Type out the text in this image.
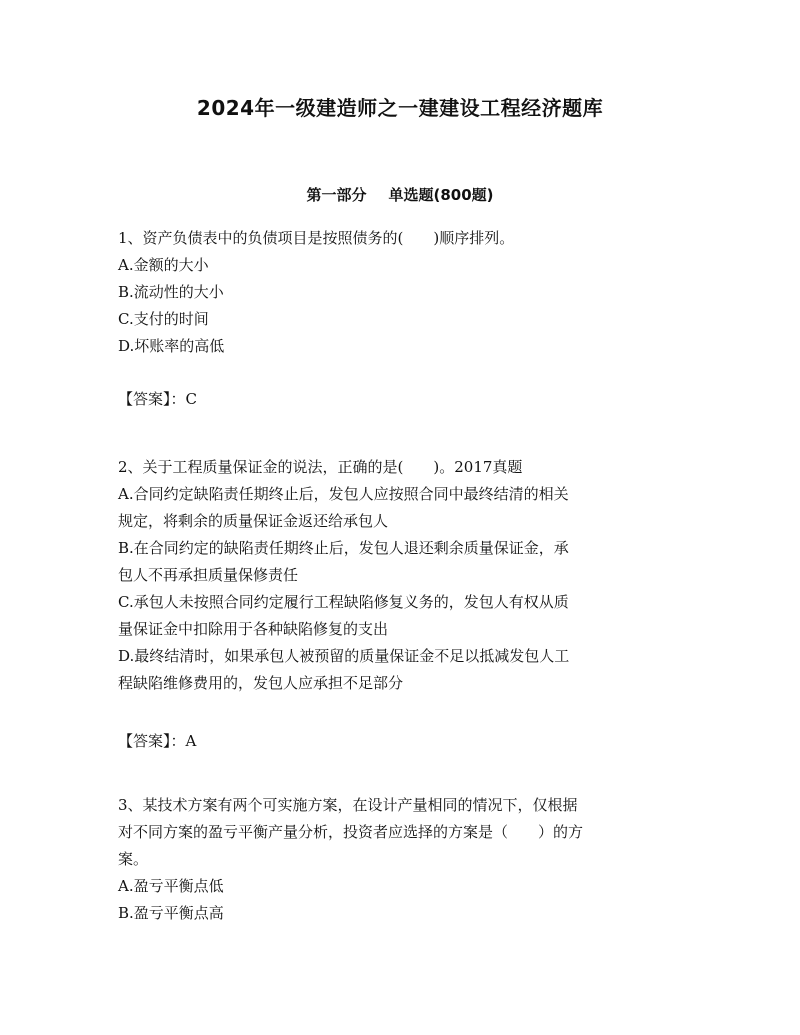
2024年一级建造师之一建建设工程经济题库
第一部分 单选题(800题)
1、资产负债表中的负债项目是按照债务的(　　)顺序排列。
A.金额的大小
B.流动性的大小
C.支付的时间
D.坏账率的高低
【答案】：C
2、关于工程质量保证金的说法，正确的是(　　)。2017真题
A.合同约定缺陷责任期终止后，发包人应按照合同中最终结清的相关
规定，将剩余的质量保证金返还给承包人
B.在合同约定的缺陷责任期终止后，发包人退还剩余质量保证金，承
包人不再承担质量保修责任
C.承包人未按照合同约定履行工程缺陷修复义务的，发包人有权从质
量保证金中扣除用于各种缺陷修复的支出
D.最终结清时，如果承包人被预留的质量保证金不足以抵减发包人工
程缺陷维修费用的，发包人应承担不足部分
【答案】：A
3、某技术方案有两个可实施方案，在设计产量相同的情况下，仅根据
对不同方案的盈亏平衡产量分析，投资者应选择的方案是（　　）的方
案。
A.盈亏平衡点低
B.盈亏平衡点高
